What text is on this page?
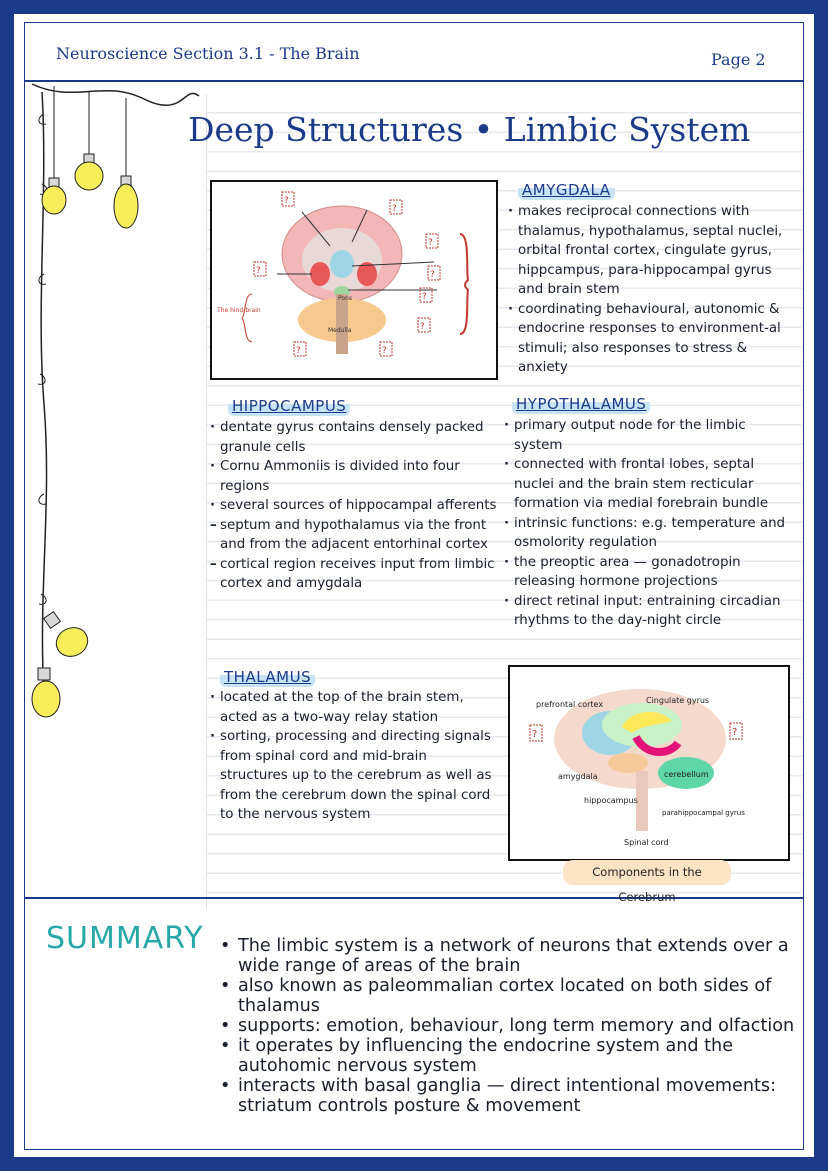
Neuroscience Section 3.1 - The Brain	Page 2
Deep Structures • Limbic System
Pons
Medulla
The hind-brain
?
?
?
?	?
?
?
?	?
AMYGDALA
· makes reciprocal connections with thalamus, hypothalamus, septal nuclei, orbital frontal cortex, cingulate gyrus, hippcampus, para-hippocampal gyrus and brain stem
· coordinating behavioural, autonomic & endocrine responses to environment-al stimuli; also responses to stress & anxiety
HIPPOCAMPUS
· dentate gyrus contains densely packed granule cells
· Cornu Ammoniis is divided into four regions
· several sources of hippocampal afferents
– septum and hypothalamus via the front and from the adjacent entorhinal cortex
– cortical region receives input from limbic cortex and amygdala
HYPOTHALAMUS
· primary output node for the limbic system
· connected with frontal lobes, septal nuclei and the brain stem recticular formation via medial forebrain bundle
· intrinsic functions: e.g. temperature and osmolority regulation
· the preoptic area — gonadotropin releasing hormone projections
· direct retinal input: entraining circadian rhythms to the day-night circle
THALAMUS
· located at the top of the brain stem, acted as a two-way relay station
· sorting, processing and directing signals from spinal cord and mid-brain structures up to the cerebrum as well as from the cerebrum down the spinal cord to the nervous system
prefrontal cortex	Cingulate gyrus
amygdala	cerebellum
hippocampus
parahippocampal gyrus
Spinal cord
?	?
Components in the Cerebrum
SUMMARY
•	The limbic system is a network of neurons that extends over a wide range of areas of the brain
• also known as paleommalian cortex located on both sides of thalamus
• supports: emotion, behaviour, long term memory and olfaction
• it operates by influencing the endocrine system and the autohomic nervous system
• interacts with basal ganglia — direct intentional movements: striatum controls posture & movement
